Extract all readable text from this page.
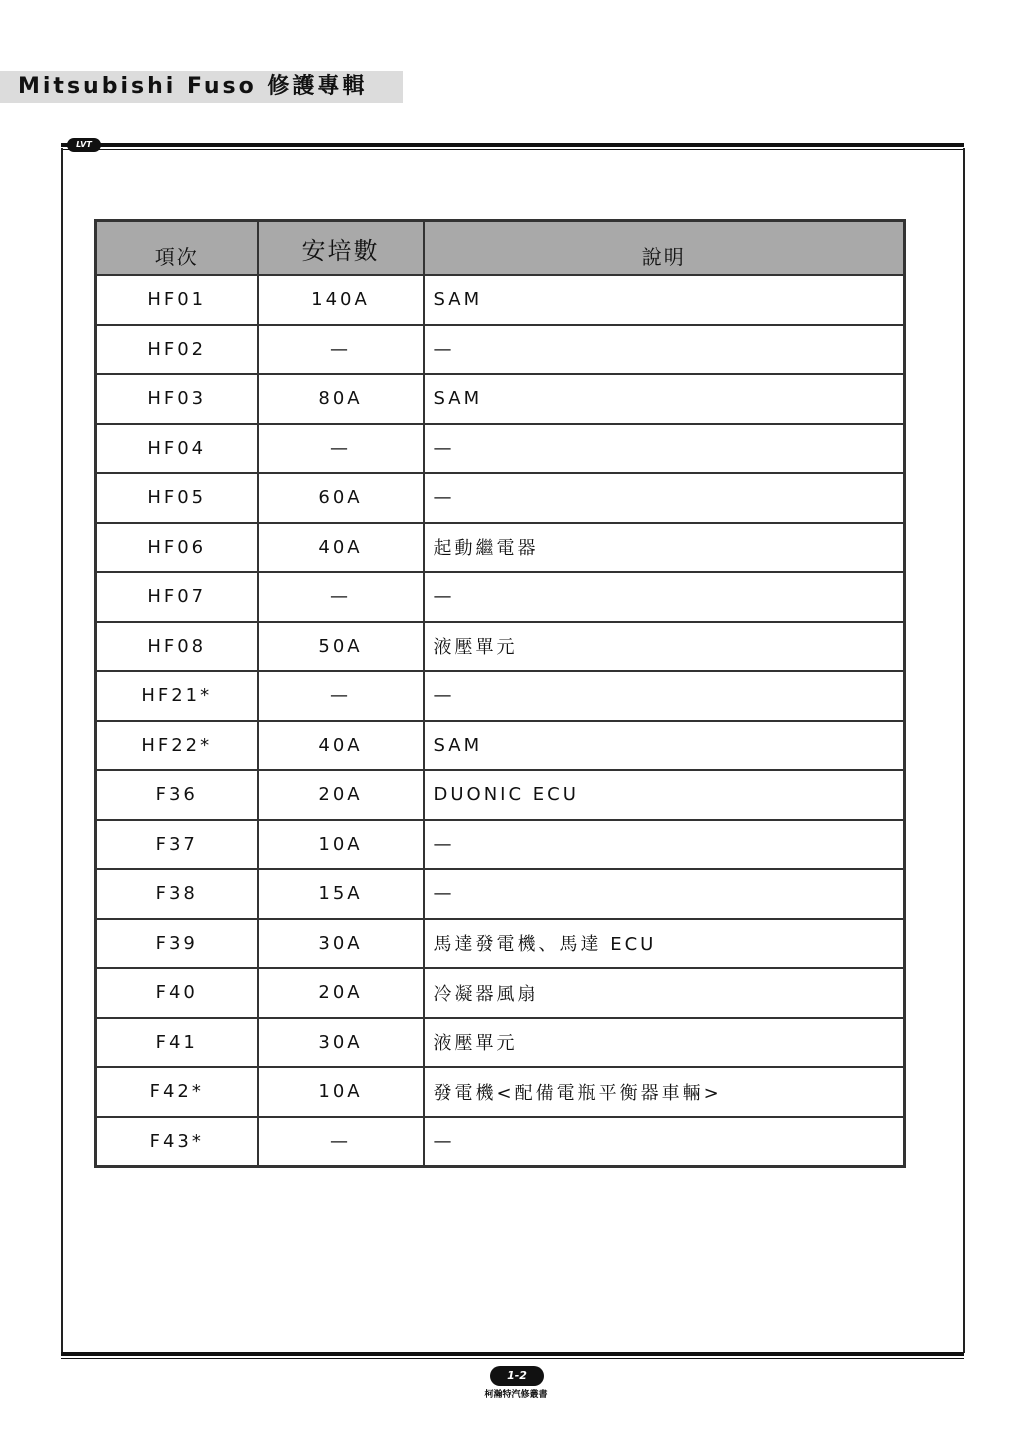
Mitsubishi Fuso 修護專輯
LVT
項次	安培數	說明
HF01	140A	SAM
HF02	—	—
HF03	80A	SAM
HF04	—	—
HF05	60A	—
HF06	40A	起動繼電器
HF07	—	—
HF08	50A	液壓單元
HF21*	—	—
HF22*	40A	SAM
F36	20A	DUONIC ECU
F37	10A	—
F38	15A	—
F39	30A	馬達發電機、馬達 ECU
F40	20A	冷凝器風扇
F41	30A	液壓單元
F42*	10A	發電機<配備電瓶平衡器車輛>
F43*	—	—
1-2
柯瀚特汽修叢書
